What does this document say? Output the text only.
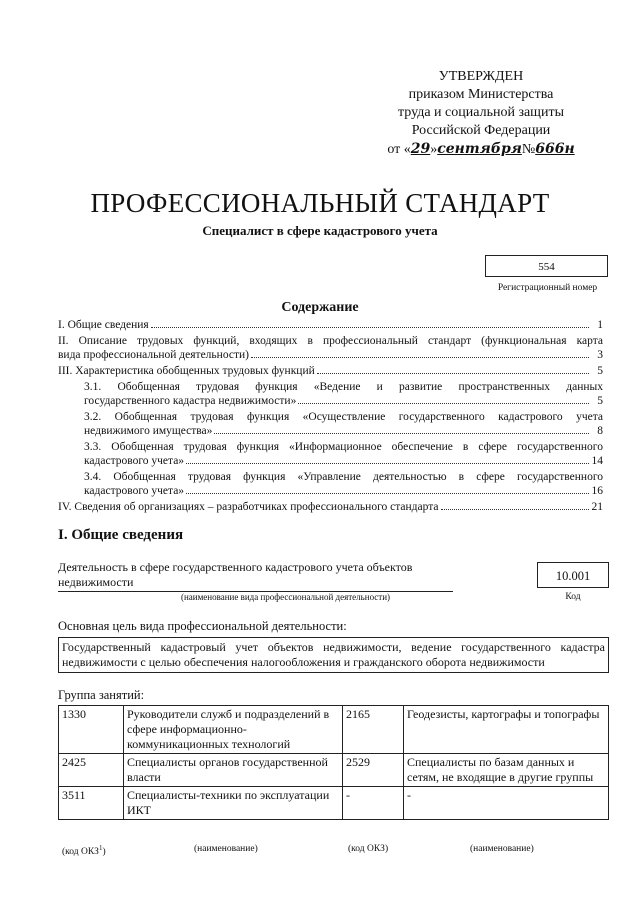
УТВЕРЖДЕН
приказом Министерства
труда и социальной защиты
Российской Федерации
от «29»сентября№666н
ПРОФЕССИОНАЛЬНЫЙ СТАНДАРТ
Специалист в сфере кадастрового учета
554
Регистрационный номер
Содержание
I. Общие сведения	1
II. Описание трудовых функций, входящих в профессиональный стандарт (функциональная карта
вида профессиональной деятельности)	3
III. Характеристика обобщенных трудовых функций	5
3.1. Обобщенная трудовая функция «Ведение и развитие пространственных данных
государственного кадастра недвижимости»	5
3.2. Обобщенная трудовая функция «Осуществление государственного кадастрового учета
недвижимого имущества»	8
3.3. Обобщенная трудовая функция «Информационное обеспечение в сфере государственного
кадастрового учета»	14
3.4. Обобщенная трудовая функция «Управление деятельностью в сфере государственного
кадастрового учета»	16
IV. Сведения об организациях – разработчиках профессионального стандарта	21
I. Общие сведения
Деятельность в сфере государственного кадастрового учета объектов
недвижимости
(наименование вида профессиональной деятельности)
10.001
Код
Основная цель вида профессиональной деятельности:
Государственный кадастровый учет объектов недвижимости, ведение государственного кадастра недвижимости с целью обеспечения налогообложения и гражданского оборота недвижимости
Группа занятий:
1330	Руководители служб и подразделений в сфере информационно-коммуникационных технологий	2165	Геодезисты, картографы и топографы
2425	Специалисты органов государственной власти	2529	Специалисты по базам данных и сетям, не входящие в другие группы
3511	Специалисты-техники по эксплуатации ИКТ	-	-
(код ОКЗ$^1$)	(наименование)	(код ОКЗ)	(наименование)
